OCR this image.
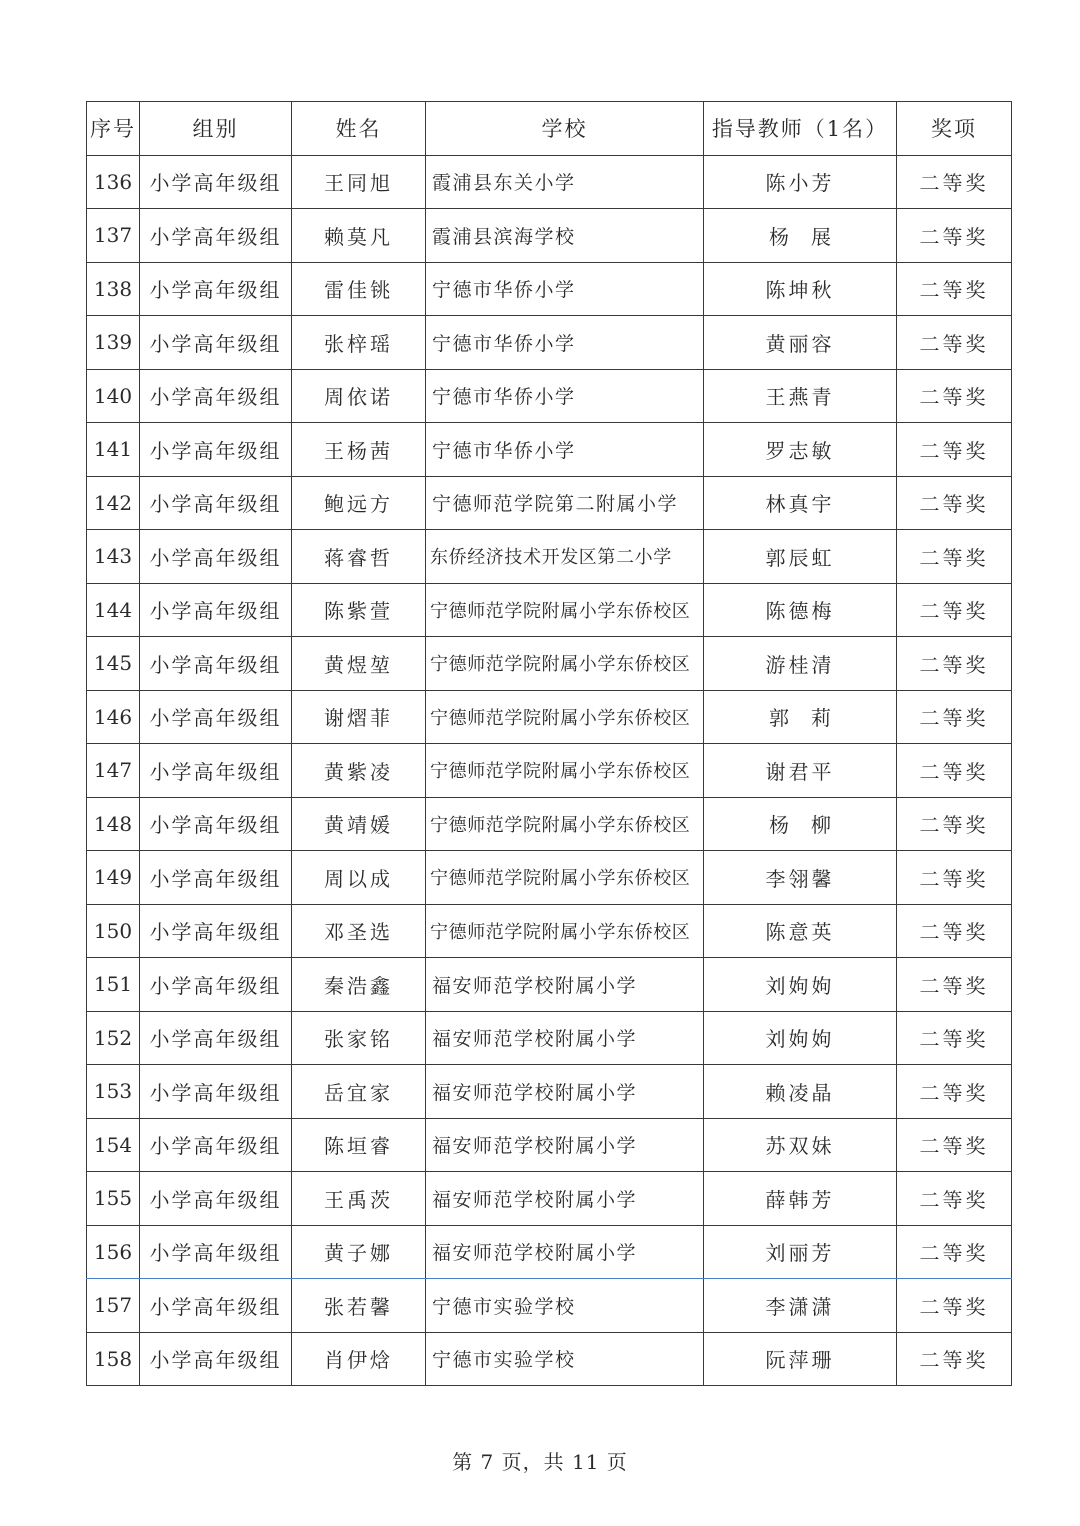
序号	组别	姓名	学校	指导教师（1名）	奖项
136	小学高年级组	王同旭	霞浦县东关小学	陈小芳	二等奖
137	小学高年级组	赖莫凡	霞浦县滨海学校	杨展	二等奖
138	小学高年级组	雷佳铫	宁德市华侨小学	陈坤秋	二等奖
139	小学高年级组	张梓瑶	宁德市华侨小学	黄丽容	二等奖
140	小学高年级组	周依诺	宁德市华侨小学	王燕青	二等奖
141	小学高年级组	王杨茜	宁德市华侨小学	罗志敏	二等奖
142	小学高年级组	鲍远方	宁德师范学院第二附属小学	林真宇	二等奖
143	小学高年级组	蒋睿哲	东侨经济技术开发区第二小学	郭辰虹	二等奖
144	小学高年级组	陈紫萱	宁德师范学院附属小学东侨校区	陈德梅	二等奖
145	小学高年级组	黄煜堃	宁德师范学院附属小学东侨校区	游桂清	二等奖
146	小学高年级组	谢熠菲	宁德师范学院附属小学东侨校区	郭莉	二等奖
147	小学高年级组	黄紫凌	宁德师范学院附属小学东侨校区	谢君平	二等奖
148	小学高年级组	黄靖媛	宁德师范学院附属小学东侨校区	杨柳	二等奖
149	小学高年级组	周以成	宁德师范学院附属小学东侨校区	李翎馨	二等奖
150	小学高年级组	邓圣选	宁德师范学院附属小学东侨校区	陈意英	二等奖
151	小学高年级组	秦浩鑫	福安师范学校附属小学	刘姁姁	二等奖
152	小学高年级组	张家铭	福安师范学校附属小学	刘姁姁	二等奖
153	小学高年级组	岳宜家	福安师范学校附属小学	赖凌晶	二等奖
154	小学高年级组	陈垣睿	福安师范学校附属小学	苏双妹	二等奖
155	小学高年级组	王禹茨	福安师范学校附属小学	薛韩芳	二等奖
156	小学高年级组	黄子娜	福安师范学校附属小学	刘丽芳	二等奖
157	小学高年级组	张若馨	宁德市实验学校	李潇潇	二等奖
158	小学高年级组	肖伊焓	宁德市实验学校	阮萍珊	二等奖
第 7 页，共 11 页
